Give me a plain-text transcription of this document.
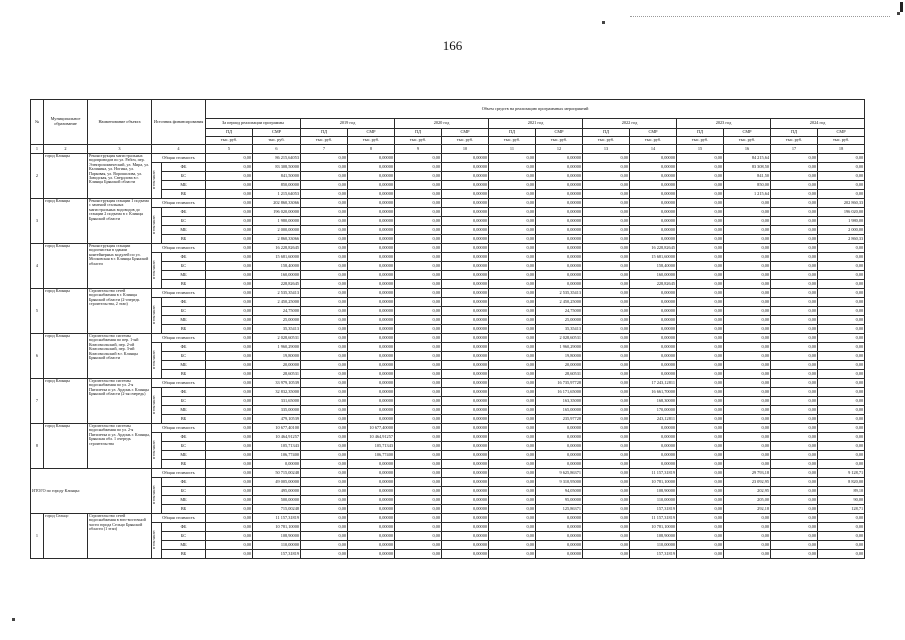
166
№	Муниципальное образование	Наименование объекта	Источник финансирования		Объем средств на реализацию программных мероприятий													
					За период реализации программы		2019 год		2020 год		2021 год		2022 год		2023 год		2024 год	
					ПД	СМР	ПД	СМР	ПД	СМР	ПД	СМР	ПД	СМР	ПД	СМР	ПД	СМР
					тыс. руб.	тыс. руб.	тыс. руб.	тыс. руб.	тыс. руб.	тыс. руб.	тыс. руб.	тыс. руб.	тыс. руб.	тыс. руб.	тыс. руб.	тыс. руб.	тыс. руб.	тыс. руб.
1	2	3	4		5	6	7	8	9	10	11	12	13	14	15	16	17	18
2	город Клинцы	Реконструкция магистральных водопроводов по ул. Рабоч, пер. Электрохимический, ул. Мира, ул. Калинина, ул. Ногина, ул. Парковая, ул. Ворошилова, ул. Заводская, ул. Свердлова в г. Клинцы Брянской области	Общая стоимость		0,00	86 215,64053	0,00	0,00000	0,00	0,00000	0,00	0,00000	0,00	0,00000	0,00	84 215,64	0,00	0,00
			в том числе:	ФБ	0,00	83 308,50000	0,00	0,00000	0,00	0,00000	0,00	0,00000	0,00	0,00000	0,00	83 308,50	0,00	0,00
				БС	0,00	841,50000	0,00	0,00000	0,00	0,00000	0,00	0,00000	0,00	0,00000	0,00	841,50	0,00	0,00
				МБ	0,00	850,00000	0,00	0,00000	0,00	0,00000	0,00	0,00000	0,00	0,00000	0,00	850,00	0,00	0,00
				ВБ	0,00	1 215,64053	0,00	0,00000	0,00	0,00000	0,00	0,00000	0,00	0,00000	0,00	1 215,64	0,00	0,00
3	город Клинцы	Реконструкция станции 1 подъема с заменой стальных магистральных водоводов до станции 2 подъема в г. Клинцы Брянской области	Общая стоимость		0,00	202 860,33066	0,00	0,00000	0,00	0,00000	0,00	0,00000	0,00	0,00000	0,00	0,00	0,00	202 860,33
			в том числе:	ФБ	0,00	196 020,00000	0,00	0,00000	0,00	0,00000	0,00	0,00000	0,00	0,00000	0,00	0,00	0,00	196 020,00
				БС	0,00	1 980,00000	0,00	0,00000	0,00	0,00000	0,00	0,00000	0,00	0,00000	0,00	0,00	0,00	1 980,00
				МБ	0,00	2 000,00000	0,00	0,00000	0,00	0,00000	0,00	0,00000	0,00	0,00000	0,00	0,00	0,00	2 000,00
				ВБ	0,00	2 860,33066	0,00	0,00000	0,00	0,00000	0,00	0,00000	0,00	0,00000	0,00	0,00	0,00	2 860,33
4	город Клинцы	Реконструкция станции водоочистки в здании контейнерных модулей по ул. Московская в г. Клинцы Брянской области	Общая стоимость		0,00	16 228,82645	0,00	0,00000	0,00	0,00000	0,00	0,00000	0,00	16 228,82645	0,00	0,00	0,00	0,00
			в том числе:	ФБ	0,00	15 681,60000	0,00	0,00000	0,00	0,00000	0,00	0,00000	0,00	15 681,60000	0,00	0,00	0,00	0,00
				БС	0,00	158,40000	0,00	0,00000	0,00	0,00000	0,00	0,00000	0,00	158,40000	0,00	0,00	0,00	0,00
				МБ	0,00	160,00000	0,00	0,00000	0,00	0,00000	0,00	0,00000	0,00	160,00000	0,00	0,00	0,00	0,00
				ВБ	0,00	228,82645	0,00	0,00000	0,00	0,00000	0,00	0,00000	0,00	228,82645	0,00	0,00	0,00	0,00
5	город Клинцы	Строительство сетей водоснабжения в г. Клинцы Брянской области (2-очередь строительства, 2 этап)	Общая стоимость		0,00	2 535,35413	0,00	0,00000	0,00	0,00000	0,00	2 535,35413	0,00	0,00000	0,00	0,00	0,00	0,00
			в том числе:	ФБ	0,00	2 450,25000	0,00	0,00000	0,00	0,00000	0,00	2 450,25000	0,00	0,00000	0,00	0,00	0,00	0,00
				БС	0,00	24,75000	0,00	0,00000	0,00	0,00000	0,00	24,75000	0,00	0,00000	0,00	0,00	0,00	0,00
				МБ	0,00	25,00000	0,00	0,00000	0,00	0,00000	0,00	25,00000	0,00	0,00000	0,00	0,00	0,00	0,00
				ВБ	0,00	35,35413	0,00	0,00000	0,00	0,00000	0,00	35,35413	0,00	0,00000	0,00	0,00	0,00	0,00
6	город Клинцы	Строительство системы водоснабжения по пер. 1-ый Комсомольский, пер. 2-ой Комсомольский, пер. 3-ий Комсомольский в г. Клинцы Брянской области	Общая стоимость		0,00	2 028,60531	0,00	0,00000	0,00	0,00000	0,00	2 028,60531	0,00	0,00000	0,00	0,00	0,00	0,00
			в том числе:	ФБ	0,00	1 960,29000	0,00	0,00000	0,00	0,00000	0,00	1 960,29000	0,00	0,00000	0,00	0,00	0,00	0,00
				БС	0,00	19,80000	0,00	0,00000	0,00	0,00000	0,00	19,80000	0,00	0,00000	0,00	0,00	0,00	0,00
				МБ	0,00	20,00000	0,00	0,00000	0,00	0,00000	0,00	20,00000	0,00	0,00000	0,00	0,00	0,00	0,00
				ВБ	0,00	28,60531	0,00	0,00000	0,00	0,00000	0,00	28,60531	0,00	0,00000	0,00	0,00	0,00	0,00
7	город Клинцы	Строительство системы водоснабжения по ул. 2-я Пятилетка и ул. Ардонь г. Клинцы Брянской области (2-ая очередь)	Общая стоимость		0,00	33 979,10539	0,00	0,00000	0,00	0,00000	0,00	16 735,97728	0,00	17 243,12811	0,00	0,00	0,00	0,00
			в том числе:	ФБ	0,00	32 832,35000	0,00	0,00000	0,00	0,00000	0,00	16 171,65000	0,00	16 661,70000	0,00	0,00	0,00	0,00
				БС	0,00	331,65000	0,00	0,00000	0,00	0,00000	0,00	163,35000	0,00	168,30000	0,00	0,00	0,00	0,00
				МБ	0,00	335,00000	0,00	0,00000	0,00	0,00000	0,00	165,00000	0,00	170,00000	0,00	0,00	0,00	0,00
				ВБ	0,00	479,10539	0,00	0,00000	0,00	0,00000	0,00	235,97728	0,00	243,12811	0,00	0,00	0,00	0,00
8	город Клинцы	Строительство системы водоснабжения по ул. 2-я Пятилетка и ул. Ардонь г. Клинцы, Брянская обл. 1 очередь строительства	Общая стоимость		0,00	10 677,40100	0,00	10 677,40000	0,00	0,00000	0,00	0,00000	0,00	0,00000	0,00	0,00	0,00	0,00
			в том числе:	ФБ	0,00	10 464,91257	0,00	10 464,91257	0,00	0,00000	0,00	0,00000	0,00	0,00000	0,00	0,00	0,00	0,00
				БС	0,00	105,71343	0,00	105,71343	0,00	0,00000	0,00	0,00000	0,00	0,00000	0,00	0,00	0,00	0,00
				МБ	0,00	106,77400	0,00	106,77400	0,00	0,00000	0,00	0,00000	0,00	0,00000	0,00	0,00	0,00	0,00
				ВБ	0,00	0,00000	0,00	0,00000	0,00	0,00000	0,00	0,00000	0,00	0,00000	0,00	0,00	0,00	0,00
ИТОГО по городу Клинцы:			Общая стоимость		0,00	50 715,00248	0,00	0,00000	0,00	0,00000	0,00	9 625,86371	0,00	11 157,31819	0,00	29 793,18	0,00	9 128,71
			в том числе:	ФБ	0,00	49 005,00000	0,00	0,00000	0,00	0,00000	0,00	9 310,95000	0,00	10 781,10000	0,00	23 092,95	0,00	8 820,00
				БС	0,00	495,00000	0,00	0,00000	0,00	0,00000	0,00	94,05000	0,00	108,90000	0,00	202,95	0,00	89,10
				МБ	0,00	500,00000	0,00	0,00000	0,00	0,00000	0,00	95,00000	0,00	110,00000	0,00	205,00	0,00	90,00
				ВБ	0,00	715,00248	0,00	0,00000	0,00	0,00000	0,00	125,86371	0,00	157,31819	0,00	292,18	0,00	128,71
1	город Сельцо	Строительство сетей водоснабжения в юго-восточной части города Сельцо Брянской области (1 этап)	Общая стоимость		0,00	11 157,31819	0,00	0,00000	0,00	0,00000	0,00	0,00000	0,00	11 157,31819	0,00	0,00	0,00	0,00
			в том числе:	ФБ	0,00	10 781,10000	0,00	0,00000	0,00	0,00000	0,00	0,00000	0,00	10 781,10000	0,00	0,00	0,00	0,00
				БС	0,00	108,90000	0,00	0,00000	0,00	0,00000	0,00	0,00000	0,00	108,90000	0,00	0,00	0,00	0,00
				МБ	0,00	110,00000	0,00	0,00000	0,00	0,00000	0,00	0,00000	0,00	110,00000	0,00	0,00	0,00	0,00
				ВБ	0,00	157,31819	0,00	0,00000	0,00	0,00000	0,00	0,00000	0,00	157,31819	0,00	0,00	0,00	0,00
